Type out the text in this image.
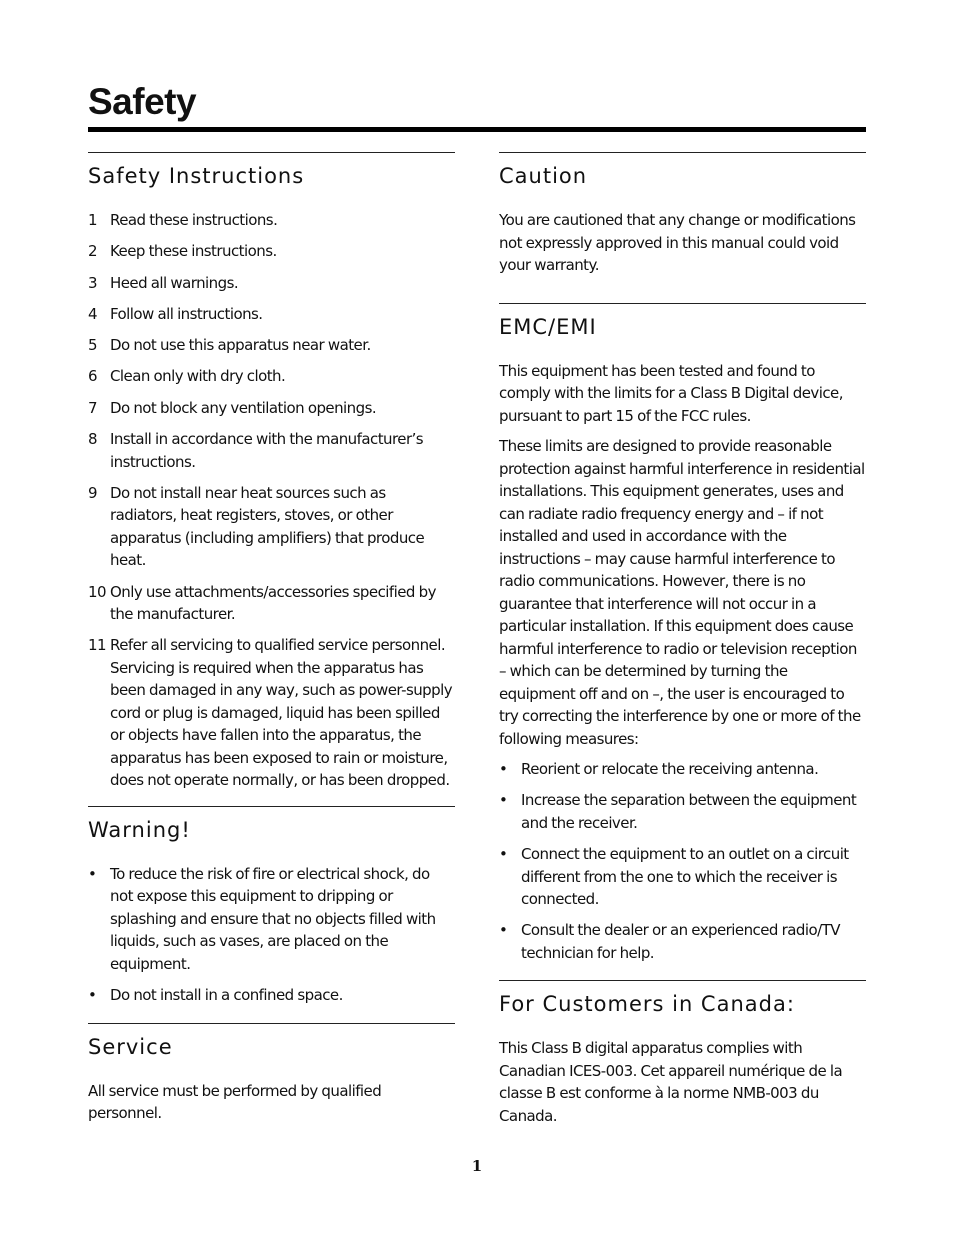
Safety
Safety Instructions
1 Read these instructions.
2 Keep these instructions.
3 Heed all warnings.
4 Follow all instructions.
5 Do not use this apparatus near water.
6 Clean only with dry cloth.
7 Do not block any ventilation openings.
8 Install in accordance with the manufacturer’s instructions.
9 Do not install near heat sources such as radiators, heat registers, stoves, or other apparatus (including amplifiers) that produce heat.
10 Only use attachments/accessories specified by the manufacturer.
11 Refer all servicing to qualified service personnel. Servicing is required when the apparatus has been damaged in any way, such as power-supply cord or plug is damaged, liquid has been spilled or objects have fallen into the apparatus, the apparatus has been exposed to rain or moisture, does not operate normally, or has been dropped.
Warning!
• To reduce the risk of fire or electrical shock, do not expose this equipment to dripping or splashing and ensure that no objects filled with liquids, such as vases, are placed on the equipment.
• Do not install in a confined space.
Service

All service must be performed by qualified personnel.

Caution

You are cautioned that any change or modifications not expressly approved in this manual could void your warranty.

EMC/EMI

This equipment has been tested and found to comply with the limits for a Class B Digital device, pursuant to part 15 of the FCC rules.

These limits are designed to provide reasonable protection against harmful interference in residential installations. This equipment generates, uses and can radiate radio frequency energy and – if not installed and used in accordance with the instructions – may cause harmful interference to radio communications. However, there is no guarantee that interference will not occur in a particular installation. If this equipment does cause harmful interference to radio or television reception – which can be determined by turning the equipment off and on –, the user is encouraged to try correcting the interference by one or more of the following measures:

• Reorient or relocate the receiving antenna.
• Increase the separation between the equipment and the receiver.
• Connect the equipment to an outlet on a circuit different from the one to which the receiver is connected.
• Consult the dealer or an experienced radio/TV technician for help.
For Customers in Canada:

This Class B digital apparatus complies with Canadian ICES-003. Cet appareil numérique de la classe B est conforme à la norme NMB-003 du Canada.

1
